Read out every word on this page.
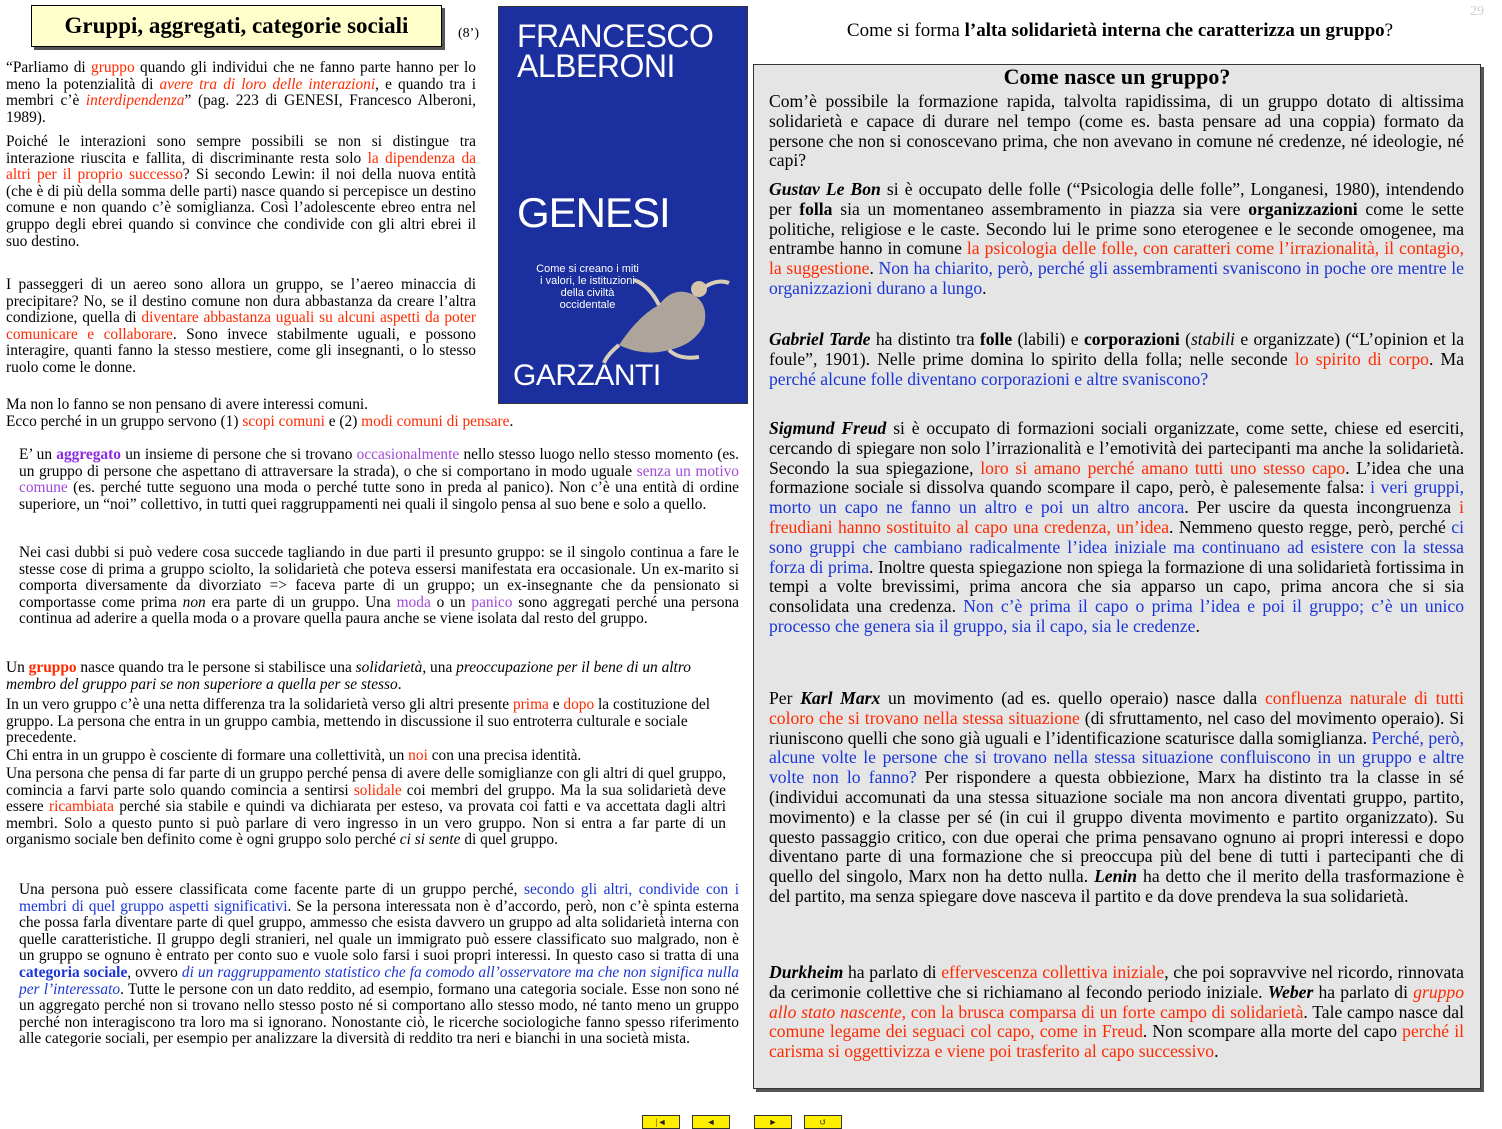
Gruppi, aggregati, categorie sociali	(8’)
29
Come si forma l’alta solidarietà interna che caratterizza un gruppo?
“Parliamo di gruppo quando gli individui che ne fanno parte hanno per lo meno la potenzialità di avere tra di loro delle interazioni, e quando tra i membri c’è interdipendenza” (pag. 223 di GENESI, Francesco Alberoni, 1989).
Poiché le interazioni sono sempre possibili se non si distingue tra interazione riuscita e fallita, di discriminante resta solo la dipendenza da altri per il proprio successo? Si secondo Lewin: il noi della nuova entità (che è di più della somma delle parti) nasce quando si percepisce un destino comune e non quando c’è somiglianza. Così l’adolescente ebreo entra nel gruppo degli ebrei quando si convince che condivide con gli altri ebrei il suo destino.
I passeggeri di un aereo sono allora un gruppo, se l’aereo minaccia di precipitare? No, se il destino comune non dura abbastanza da creare l’altra condizione, quella di diventare abbastanza uguali su alcuni aspetti da poter comunicare e collaborare. Sono invece stabilmente uguali, e possono interagire, quanti fanno la stesso mestiere, come gli insegnanti, o lo stesso ruolo come le donne.
Ma non lo fanno se non pensano di avere interessi comuni.
Ecco perché in un gruppo servono (1) scopi comuni e (2) modi comuni di pensare.
FRANCESCO
ALBERONI
GENESI
Come si creano i miti
i valori, le istituzioni
della civiltà
occidentale
GARZANTI
E’ un aggregato un insieme di persone che si trovano occasionalmente nello stesso luogo nello stesso momento (es. un gruppo di persone che aspettano di attraversare la strada), o che si comportano in modo uguale senza un motivo comune (es. perché tutte seguono una moda o perché tutte sono in preda al panico). Non c’è una entità di ordine superiore, un “noi” collettivo, in tutti quei raggruppamenti nei quali il singolo pensa al suo bene e solo a quello.
Nei casi dubbi si può vedere cosa succede tagliando in due parti il presunto gruppo: se il singolo continua a fare le stesse cose di prima a gruppo sciolto, la solidarietà che poteva essersi manifestata era occasionale. Un ex-marito si comporta diversamente da divorziato => faceva parte di un gruppo; un ex-insegnante che da pensionato si comportasse come prima non era parte di un gruppo. Una moda o un panico sono aggregati perché una persona continua ad aderire a quella moda o a provare quella paura anche se viene isolata dal resto del gruppo.
Un gruppo nasce quando tra le persone si stabilisce una solidarietà, una preoccupazione per il bene di un altro membro del gruppo pari se non superiore a quella per se stesso.
In un vero gruppo c’è una netta differenza tra la solidarietà verso gli altri presente prima e dopo la costituzione del gruppo. La persona che entra in un gruppo cambia, mettendo in discussione il suo entroterra culturale e sociale precedente.
Chi entra in un gruppo è cosciente di formare una collettività, un noi con una precisa identità.
Una persona che pensa di far parte di un gruppo perché pensa di avere delle somiglianze con gli altri di quel gruppo, comincia a farvi parte solo quando comincia a sentirsi solidale coi membri del gruppo. Ma la sua solidarietà deve essere ricambiata perché sia stabile e quindi va dichiarata per esteso, va provata coi fatti e va accettata dagli altri membri. Solo a questo punto si può parlare di vero ingresso in un vero gruppo. Non si entra a far parte di un organismo sociale ben definito come è ogni gruppo solo perché ci si sente di quel gruppo.
Una persona può essere classificata come facente parte di un gruppo perché, secondo gli altri, condivide con i membri di quel gruppo aspetti significativi. Se la persona interessata non è d’accordo, però, non c’è spinta esterna che possa farla diventare parte di quel gruppo, ammesso che esista davvero un gruppo ad alta solidarietà interna con quelle caratteristiche. Il gruppo degli stranieri, nel quale un immigrato può essere classificato suo malgrado, non è un gruppo se ognuno è entrato per conto suo e vuole solo farsi i suoi propri interessi. In questo caso si tratta di una categoria sociale, ovvero di un raggruppamento statistico che fa comodo all’osservatore ma che non significa nulla per l’interessato. Tutte le persone con un dato reddito, ad esempio, formano una categoria sociale. Esse non sono né un aggregato perché non si trovano nello stesso posto né si comportano allo stesso modo, né tanto meno un gruppo perché non interagiscono tra loro ma si ignorano. Nonostante ciò, le ricerche sociologiche fanno spesso riferimento alle categorie sociali, per esempio per analizzare la diversità di reddito tra neri e bianchi in una società mista.
Come nasce un gruppo?
Com’è possibile la formazione rapida, talvolta rapidissima, di un gruppo dotato di altissima solidarietà e capace di durare nel tempo (come es. basta pensare ad una coppia) formato da persone che non si conoscevano prima, che non avevano in comune né credenze, né ideologie, né capi?
Gustav Le Bon si è occupato delle folle (“Psicologia delle folle”, Longanesi, 1980), intendendo per folla sia un momentaneo assembramento in piazza sia vere organizzazioni come le sette politiche, religiose e le caste. Secondo lui le prime sono eterogenee e le seconde omogenee, ma entrambe hanno in comune la psicologia delle folle, con caratteri come l’irrazionalità, il contagio, la suggestione. Non ha chiarito, però, perché gli assembramenti svaniscono in poche ore mentre le organizzazioni durano a lungo.
Gabriel Tarde ha distinto tra folle (labili) e corporazioni (stabili e organizzate) (“L’opinion et la foule”, 1901). Nelle prime domina lo spirito della folla; nelle seconde lo spirito di corpo. Ma perché alcune folle diventano corporazioni e altre svaniscono?
Sigmund Freud si è occupato di formazioni sociali organizzate, come sette, chiese ed eserciti, cercando di spiegare non solo l’irrazionalità e l’emotività dei partecipanti ma anche la solidarietà. Secondo la sua spiegazione, loro si amano perché amano tutti uno stesso capo. L’idea che una formazione sociale si dissolva quando scompare il capo, però, è palesemente falsa: i veri gruppi, morto un capo ne fanno un altro e poi un altro ancora. Per uscire da questa incongruenza i freudiani hanno sostituito al capo una credenza, un’idea. Nemmeno questo regge, però, perché ci sono gruppi che cambiano radicalmente l’idea iniziale ma continuano ad esistere con la stessa forza di prima. Inoltre questa spiegazione non spiega la formazione di una solidarietà fortissima in tempi a volte brevissimi, prima ancora che sia apparso un capo, prima ancora che si sia consolidata una credenza. Non c’è prima il capo o prima l’idea e poi il gruppo; c’è un unico processo che genera sia il gruppo, sia il capo, sia le credenze.
Per Karl Marx un movimento (ad es. quello operaio) nasce dalla confluenza naturale di tutti coloro che si trovano nella stessa situazione (di sfruttamento, nel caso del movimento operaio). Si riuniscono quelli che sono già uguali e l’identificazione scaturisce dalla somiglianza. Perché, però, alcune volte le persone che si trovano nella stessa situazione confluiscono in un gruppo e altre volte non lo fanno? Per rispondere a questa obbiezione, Marx ha distinto tra la classe in sé (individui accomunati da una stessa situazione sociale ma non ancora diventati gruppo, partito, movimento) e la classe per sé (in cui il gruppo diventa movimento e partito organizzato). Su questo passaggio critico, con due operai che prima pensavano ognuno ai propri interessi e dopo diventano parte di una formazione che si preoccupa più del bene di tutti i partecipanti che di quello del singolo, Marx non ha detto nulla. Lenin ha detto che il merito della trasformazione è del partito, ma senza spiegare dove nasceva il partito e da dove prendeva la sua solidarietà.
Durkheim ha parlato di effervescenza collettiva iniziale, che poi sopravvive nel ricordo, rinnovata da cerimonie collettive che si richiamano al fecondo periodo iniziale. Weber ha parlato di gruppo allo stato nascente, con la brusca comparsa di un forte campo di solidarietà. Tale campo nasce dal comune legame dei seguaci col capo, come in Freud. Non scompare alla morte del capo perché il carisma si oggettivizza e viene poi trasferito al capo successivo.
|◄	◄	►	↺
